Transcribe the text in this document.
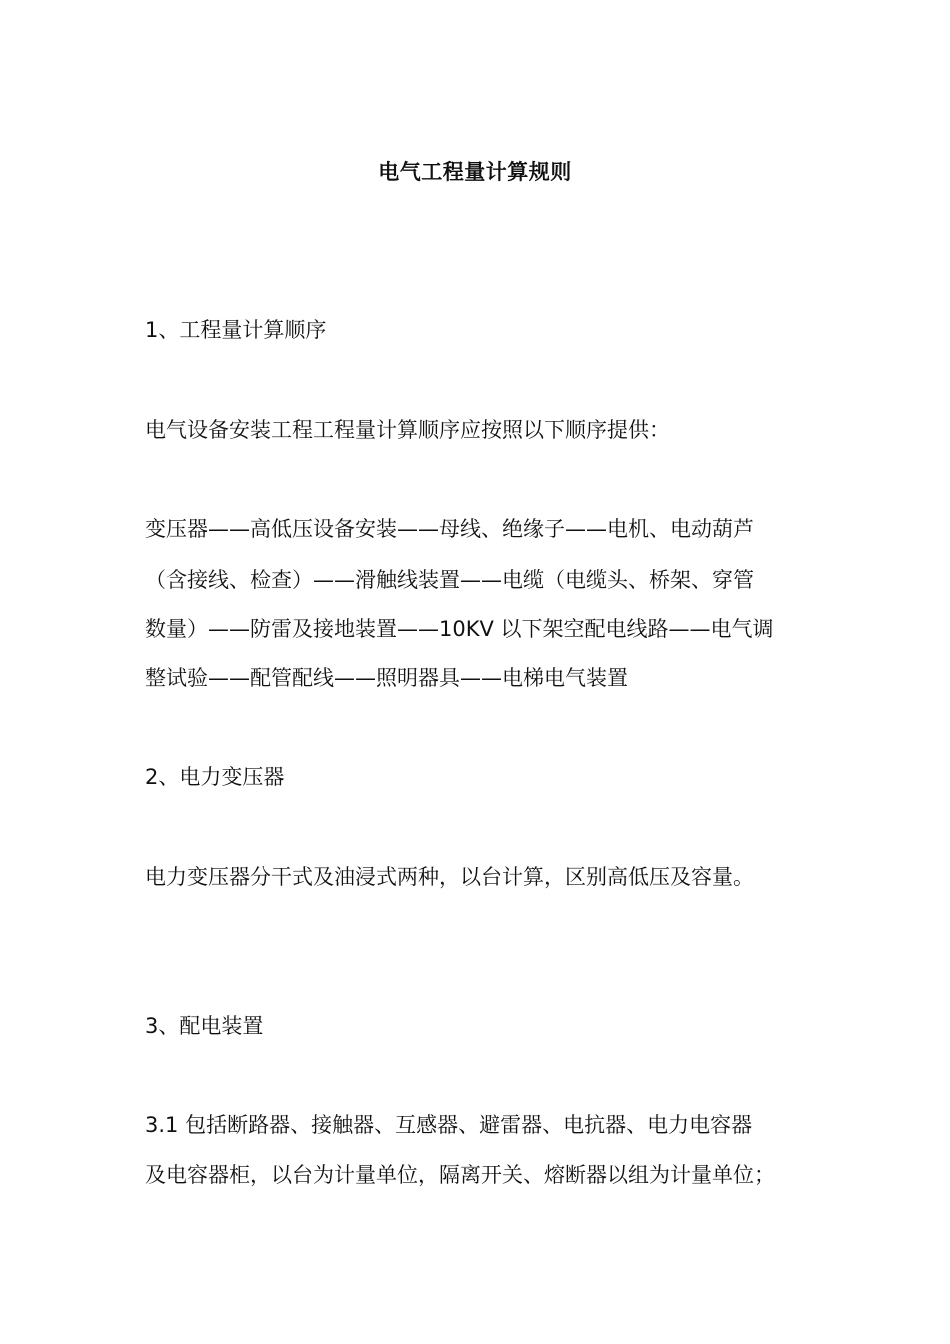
电气工程量计算规则
1、工程量计算顺序
电气设备安装工程工程量计算顺序应按照以下顺序提供：
变压器——高低压设备安装——母线、绝缘子——电机、电动葫芦
（含接线、检查）——滑触线装置——电缆（电缆头、桥架、穿管
数量）——防雷及接地装置——10KV 以下架空配电线路——电气调
整试验——配管配线——照明器具——电梯电气装置
2、电力变压器
电力变压器分干式及油浸式两种，以台计算，区别高低压及容量。
3、配电装置
3.1 包括断路器、接触器、互感器、避雷器、电抗器、电力电容器
及电容器柜，以台为计量单位，隔离开关、熔断器以组为计量单位；
